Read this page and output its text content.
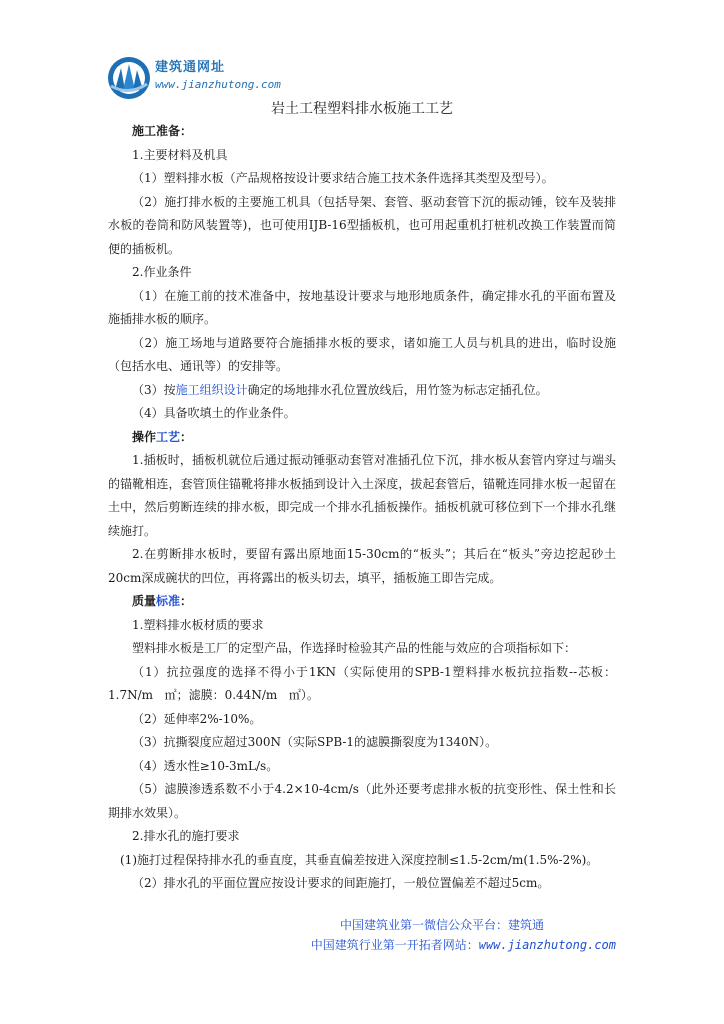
建筑通网址
www.jianzhutong.com
岩土工程塑料排水板施工工艺

施工准备：

1.主要材料及机具

（1）塑料排水板（产品规格按设计要求结合施工技术条件选择其类型及型号）。

（2）施打排水板的主要施工机具（包括导架、套管、驱动套管下沉的振动锤，铰车及装排水板的卷筒和防风装置等)，也可使用IJB-16型插板机，也可用起重机打桩机改换工作装置而简便的插板机。

2.作业条件

（1）在施工前的技术准备中，按地基设计要求与地形地质条件，确定排水孔的平面布置及施插排水板的顺序。

（2）施工场地与道路要符合施插排水板的要求，诸如施工人员与机具的进出，临时设施（包括水电、通讯等）的安排等。

（3）按施工组织设计确定的场地排水孔位置放线后，用竹签为标志定插孔位。

（4）具备吹填土的作业条件。

操作工艺：

1.插板时，插板机就位后通过振动锤驱动套管对准插孔位下沉，排水板从套管内穿过与端头的锚靴相连，套管顶住锚靴将排水板插到设计入土深度，拔起套管后，锚靴连同排水板一起留在土中，然后剪断连续的排水板，即完成一个排水孔插板操作。插板机就可移位到下一个排水孔继续施打。

2.在剪断排水板时，要留有露出原地面15-30cm的“板头”；其后在“板头”旁边挖起砂土20cm深成碗状的凹位，再将露出的板头切去，填平，插板施工即告完成。

质量标准：

1.塑料排水板材质的要求

塑料排水板是工厂的定型产品，作选择时检验其产品的性能与效应的合项指标如下：

（1）抗拉强度的选择不得小于1KN（实际使用的SPB-1塑料排水板抗拉指数--芯板：1.7N/mㅤ㎡；滤膜：0.44N/mㅤ㎡）。

（2）延伸率2%-10%。

（3）抗撕裂度应超过300N（实际SPB-1的滤膜撕裂度为1340N）。

（4）透水性≥10-3mL/s。

（5）滤膜渗透系数不小于4.2×10-4cm/s（此外还要考虑排水板的抗变形性、保土性和长期排水效果）。

2.排水孔的施打要求

(1)施打过程保持排水孔的垂直度，其垂直偏差按进入深度控制≤1.5-2cm/m(1.5%-2%)。

（2）排水孔的平面位置应按设计要求的间距施打，一般位置偏差不超过5cm。

中国建筑业第一微信公众平台：建筑通
中国建筑行业第一开拓者网站：www.jianzhutong.com
